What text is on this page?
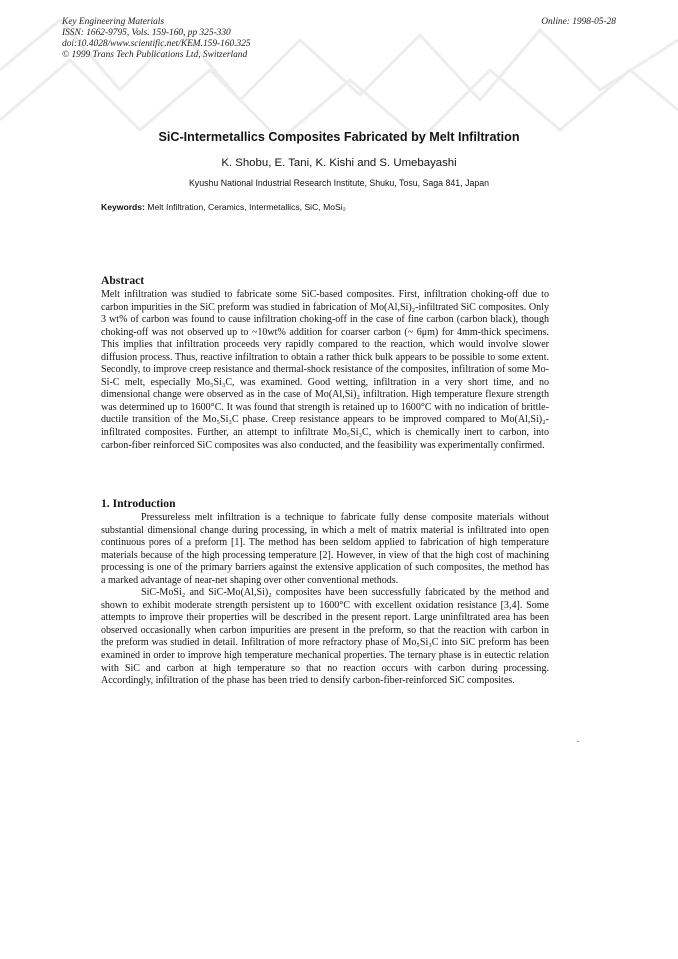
Key Engineering Materials
ISSN: 1662-9795, Vols. 159-160, pp 325-330
doi:10.4028/www.scientific.net/KEM.159-160.325
© 1999 Trans Tech Publications Ltd, Switzerland
Online: 1998-05-28
SiC-Intermetallics Composites Fabricated by Melt Infiltration
K. Shobu, E. Tani, K. Kishi and S. Umebayashi
Kyushu National Industrial Research Institute, Shuku, Tosu, Saga 841, Japan
Keywords: Melt Infiltration, Ceramics, Intermetallics, SiC, MoSi₂
Abstract

Melt infiltration was studied to fabricate some SiC-based composites. First, infiltration choking-off due to carbon impurities in the SiC preform was studied in fabrication of Mo(Al,Si)₂-infiltrated SiC composites. Only 3 wt% of carbon was found to cause infiltration choking-off in the case of fine carbon (carbon black), though choking-off was not observed up to ~10wt% addition for coarser carbon (~ 6μm) for 4mm-thick specimens. This implies that infiltration proceeds very rapidly compared to the reaction, which would involve slower diffusion process. Thus, reactive infiltration to obtain a rather thick bulk appears to be possible to some extent. Secondly, to improve creep resistance and thermal-shock resistance of the composites, infiltration of some Mo-Si-C melt, especially Mo₅Si₃C, was examined. Good wetting, infiltration in a very short time, and no dimensional change were observed as in the case of Mo(Al,Si)₂ infiltration. High temperature flexure strength was determined up to 1600°C. It was found that strength is retained up to 1600°C with no indication of brittle-ductile transition of the Mo₅Si₃C phase. Creep resistance appears to be improved compared to Mo(Al,Si)₂-infiltrated composites. Further, an attempt to infiltrate Mo₅Si₃C, which is chemically inert to carbon, into carbon-fiber reinforced SiC composites was also conducted, and the feasibility was experimentally confirmed.

1. Introduction

Pressureless melt infiltration is a technique to fabricate fully dense composite materials without substantial dimensional change during processing, in which a melt of matrix material is infiltrated into open continuous pores of a preform [1]. The method has been seldom applied to fabrication of high temperature materials because of the high processing temperature [2]. However, in view of that the high cost of machining processing is one of the primary barriers against the extensive application of such composites, the method has a marked advantage of near-net shaping over other conventional methods.

SiC-MoSi₂ and SiC-Mo(Al,Si)₂ composites have been successfully fabricated by the method and shown to exhibit moderate strength persistent up to 1600°C with excellent oxidation resistance [3,4]. Some attempts to improve their properties will be described in the present report. Large uninfiltrated area has been observed occasionally when carbon impurities are present in the preform, so that the reaction with carbon in the preform was studied in detail. Infiltration of more refractory phase of Mo₅Si₃C into SiC preform has been examined in order to improve high temperature mechanical properties. The ternary phase is in eutectic relation with SiC and carbon at high temperature so that no reaction occurs with carbon during processing. Accordingly, infiltration of the phase has been tried to densify carbon-fiber-reinforced SiC composites.
